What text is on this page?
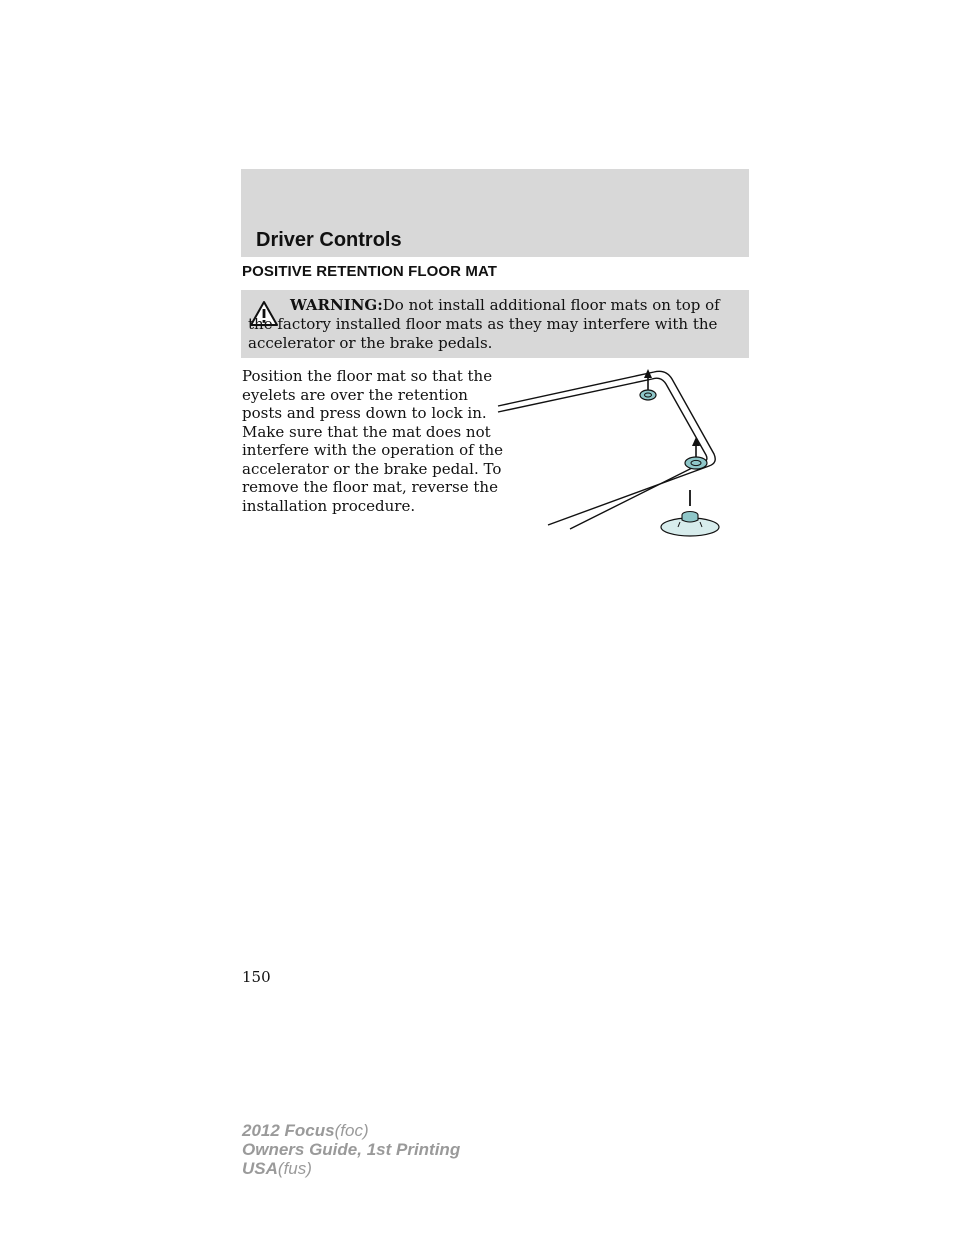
Driver Controls
POSITIVE RETENTION FLOOR MAT
WARNING:Do not install additional floor mats on top of the factory installed floor mats as they may interfere with the accelerator or the brake pedals.
Position the floor mat so that the eyelets are over the retention posts and press down to lock in. Make sure that the mat does not interfere with the operation of the accelerator or the brake pedal. To remove the floor mat, reverse the installation procedure.
150
2012 Focus(foc)
Owners Guide, 1st Printing
USA(fus)
